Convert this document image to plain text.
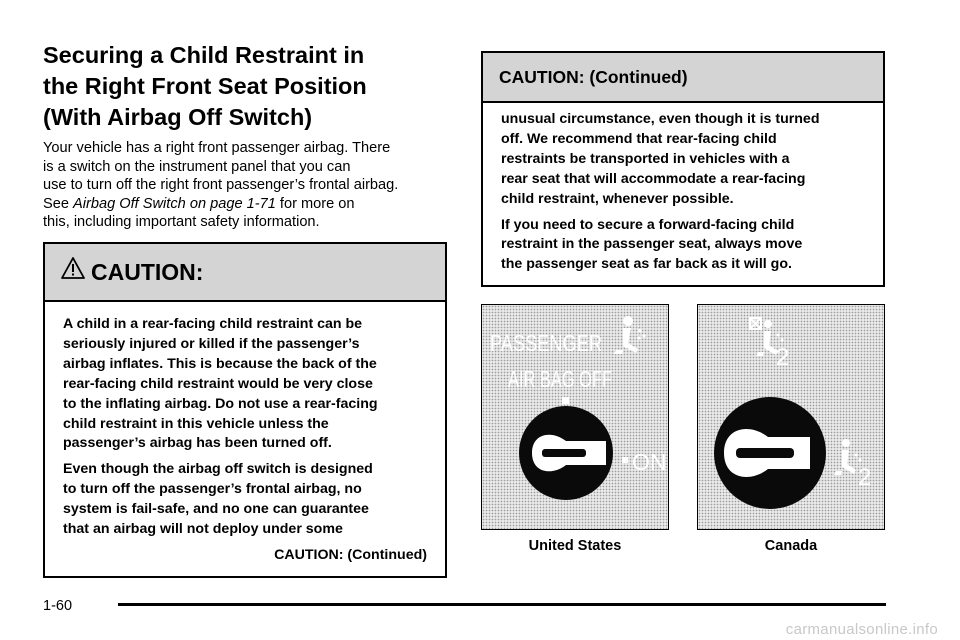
Securing a Child Restraint in
the Right Front Seat Position
(With Airbag Off Switch)

Your vehicle has a right front passenger airbag. There
is a switch on the instrument panel that you can
use to turn off the right front passenger’s frontal airbag.
See Airbag Off Switch on page 1-71 for more on
this, including important safety information.

CAUTION:

A child in a rear-facing child restraint can be
seriously injured or killed if the passenger’s
airbag inflates. This is because the back of the
rear-facing child restraint would be very close
to the inflating airbag. Do not use a rear-facing
child restraint in this vehicle unless the
passenger’s airbag has been turned off.

Even though the airbag off switch is designed
to turn off the passenger’s frontal airbag, no
system is fail-safe, and no one can guarantee
that an airbag will not deploy under some

CAUTION: (Continued)
CAUTION: (Continued)

unusual circumstance, even though it is turned
off. We recommend that rear-facing child
restraints be transported in vehicles with a
rear seat that will accommodate a rear-facing
child restraint, whenever possible.

If you need to secure a forward-facing child
restraint in the passenger seat, always move
the passenger seat as far back as it will go.

PASSENGER
AIR BAG OFF
ON
2
2
United States	Canada
1-60
carmanualsonline.info
